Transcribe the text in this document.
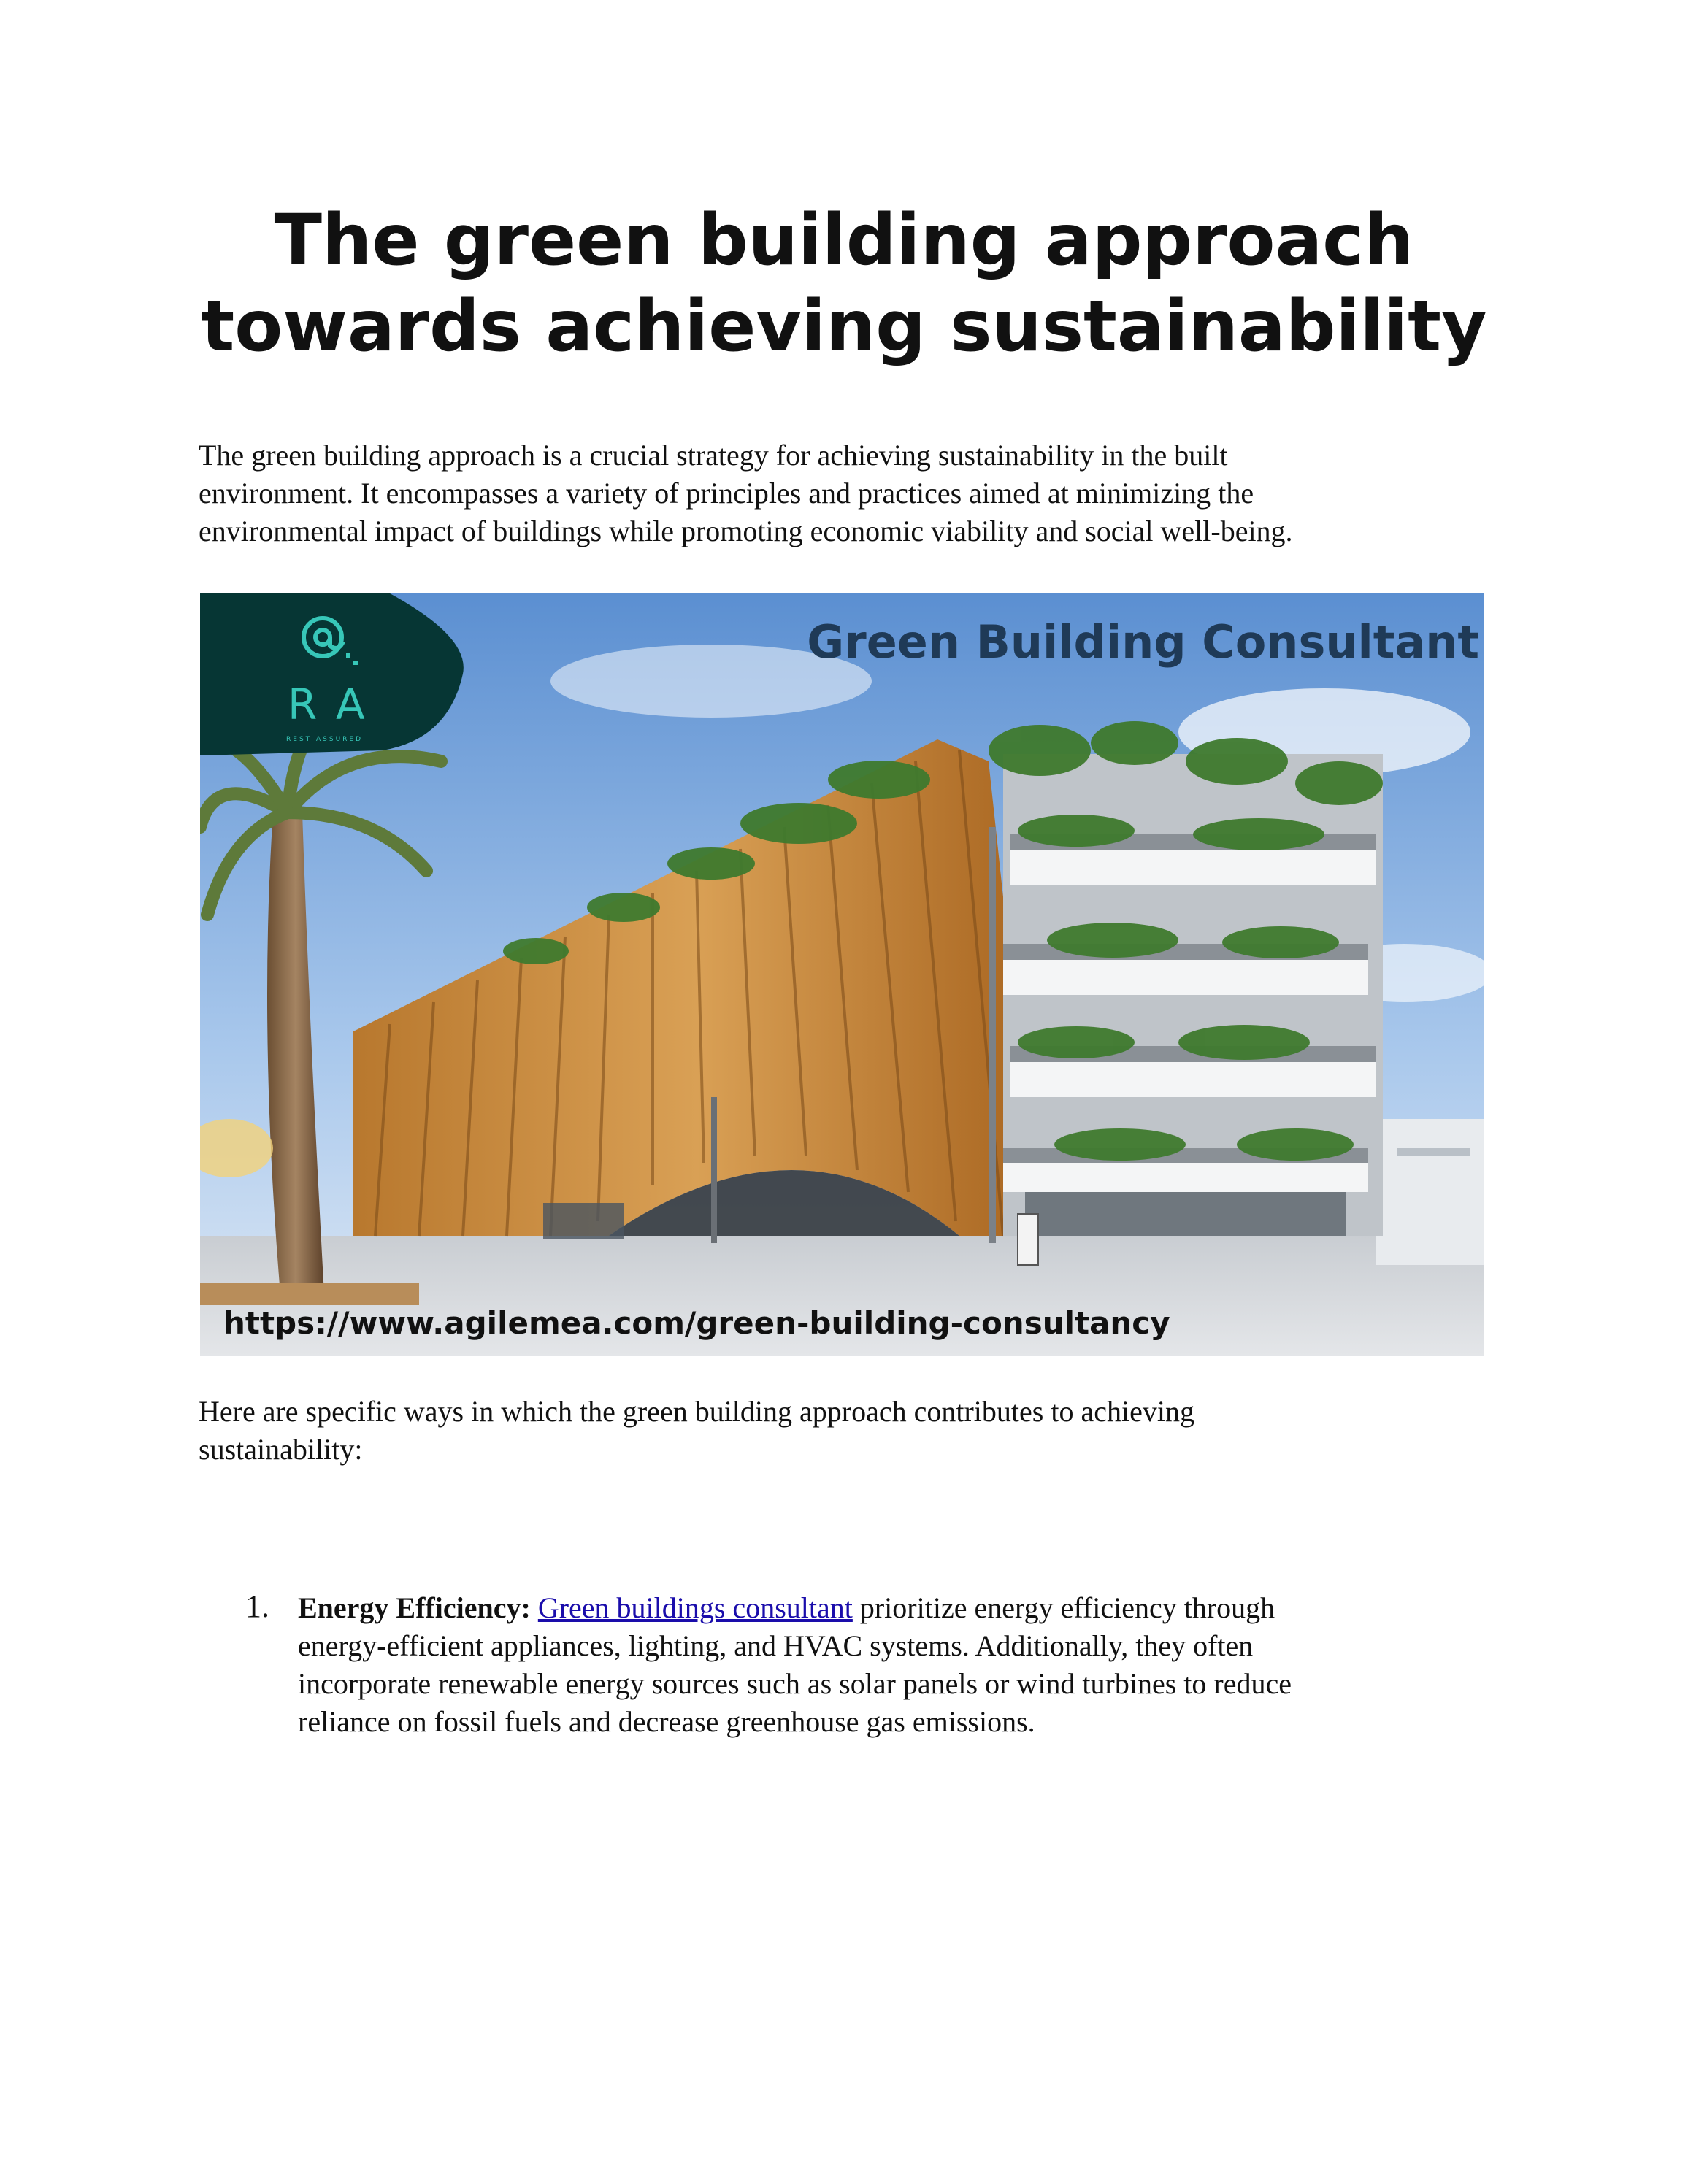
The green building approach
towards achieving sustainability

The green building approach is a crucial strategy for achieving sustainability in the built
environment. It encompasses a variety of principles and practices aimed at minimizing the
environmental impact of buildings while promoting economic viability and social well-being.

Green Building Consultant
https://www.agilemea.com/green-building-consultancy
RA
REST ASSURED

Here are specific ways in which the green building approach contributes to achieving
sustainability:

1. Energy Efficiency: Green buildings consultant prioritize energy efficiency through
energy-efficient appliances, lighting, and HVAC systems. Additionally, they often
incorporate renewable energy sources such as solar panels or wind turbines to reduce
reliance on fossil fuels and decrease greenhouse gas emissions.
